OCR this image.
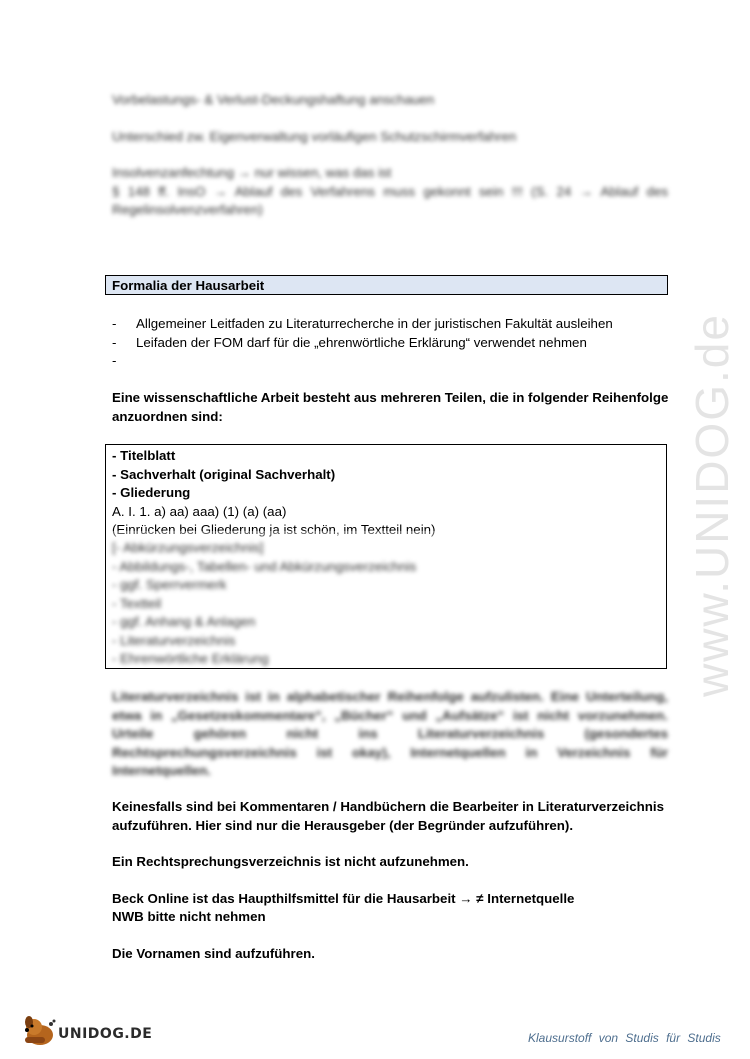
Vorbelastungs- & Verlust-Deckungshaftung anschauen

Unterschied zw. Eigenverwaltung vorläufigen Schutzschirmverfahren

Insolvenzanfechtung → nur wissen, was das ist

§ 148 ff. InsO → Ablauf des Verfahrens muss gekonnt sein !!! (S. 24 → Ablauf des Regelinsolvenzverfahren)

Formalia der Hausarbeit
- Allgemeiner Leitfaden zu Literaturrecherche in der juristischen Fakultät ausleihen
- Leifaden der FOM darf für die „ehrenwörtliche Erklärung“ verwendet nehmen
-

Eine wissenschaftliche Arbeit besteht aus mehreren Teilen, die in folgender Reihenfolge anzuordnen sind:
- Titelblatt
- Sachverhalt (original Sachverhalt)
- Gliederung
A. I. 1. a) aa) aaa) (1) (a) (aa)
(Einrücken bei Gliederung ja ist schön, im Textteil nein)
[- Abkürzungsverzeichnis]
- Abbildungs-, Tabellen- und Abkürzungsverzeichnis
- ggf. Sperrvermerk
- Textteil
- ggf. Anhang & Anlagen
- Literaturverzeichnis
- Ehrenwörtliche Erklärung
Literaturverzeichnis ist in alphabetischer Reihenfolge aufzulisten. Eine Unterteilung, etwa in „Gesetzeskommentare“, „Bücher“ und „Aufsätze“ ist nicht vorzunehmen. Urteile gehören nicht ins Literaturverzeichnis (gesondertes Rechtsprechungsverzeichnis ist okay), Internetquellen in Verzeichnis für Internetquellen.
Keinesfalls sind bei Kommentaren / Handbüchern die Bearbeiter in Literaturverzeichnis aufzuführen. Hier sind nur die Herausgeber (der Begründer aufzuführen).
Ein Rechtsprechungsverzeichnis ist nicht aufzunehmen.
Beck Online ist das Haupthilfsmittel für die Hausarbeit → ≠ Internetquelle
NWB bitte nicht nehmen
Die Vornamen sind aufzuführen.
www.UNIDOG.de
UNIDOG.DE	Klausurstoff von Studis für Studis
